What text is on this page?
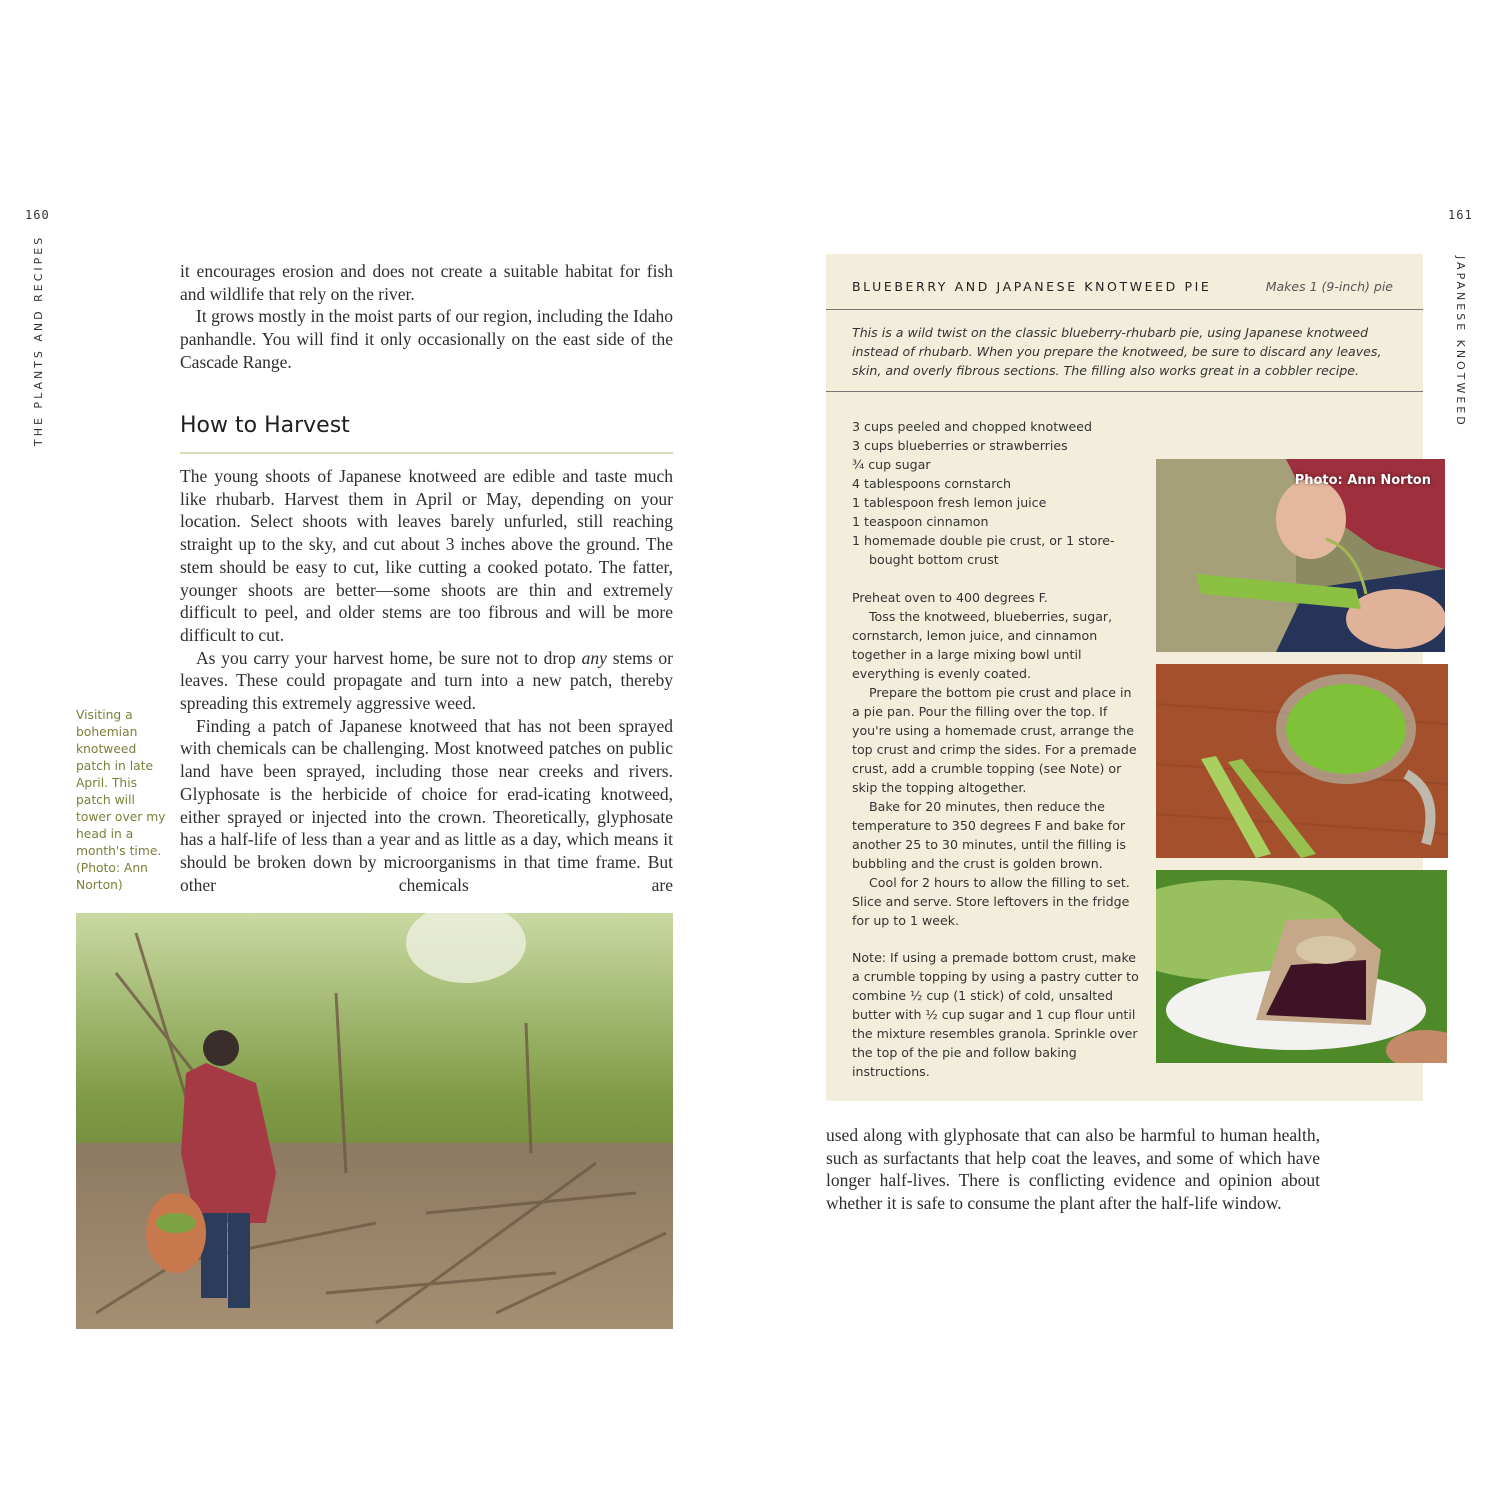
160
THE PLANTS AND RECIPES	it encourages erosion and does not create a suitable habitat for fish and wildlife that rely on the river.

It grows mostly in the moist parts of our region, including the Idaho panhandle. You will find it only occasionally on the east side of the Cascade Range.

How to Harvest

The young shoots of Japanese knotweed are edible and taste much like rhubarb. Harvest them in April or May, depending on your location. Select shoots with leaves barely unfurled, still reaching straight up to the sky, and cut about 3 inches above the ground. The stem should be easy to cut, like cutting a cooked potato. The fatter, younger shoots are better—some shoots are thin and extremely difficult to peel, and older stems are too fibrous and will be more difficult to cut.

As you carry your harvest home, be sure not to drop any stems or leaves. These could propagate and turn into a new patch, thereby spreading this extremely aggressive weed.

Finding a patch of Japanese knotweed that has not been sprayed with chemicals can be challenging. Most knotweed patches on public land have been sprayed, including those near creeks and rivers. Glyphosate is the herbicide of choice for erad-icating knotweed, either sprayed or injected into the crown. Theoretically, glyphosate has a half-life of less than a year and as little as a day, which means it should be broken down by microorganisms in that time frame. But other chemicals are

Visiting a bohemian knotweed patch in late April. This patch will tower over my head in a month's time. (Photo: Ann Norton)
161
JAPANESE KNOTWEED
BLUEBERRY AND JAPANESE KNOTWEED PIE	Makes 1 (9-inch) pie
This is a wild twist on the classic blueberry-rhubarb pie, using Japanese knotweed instead of rhubarb. When you prepare the knotweed, be sure to discard any leaves, skin, and overly fibrous sections. The filling also works great in a cobbler recipe.

3 cups peeled and chopped knotweed

3 cups blueberries or strawberries

¾ cup sugar

4 tablespoons cornstarch

1 tablespoon fresh lemon juice

1 teaspoon cinnamon

1 homemade double pie crust, or 1 store-bought bottom crust

Preheat oven to 400 degrees F.

Toss the knotweed, blueberries, sugar, cornstarch, lemon juice, and cinnamon together in a large mixing bowl until everything is evenly coated.

Prepare the bottom pie crust and place in a pie pan. Pour the filling over the top. If you're using a homemade crust, arrange the top crust and crimp the sides. For a premade crust, add a crumble topping (see Note) or skip the topping altogether.

Bake for 20 minutes, then reduce the temperature to 350 degrees F and bake for another 25 to 30 minutes, until the filling is bubbling and the crust is golden brown.

Cool for 2 hours to allow the filling to set. Slice and serve. Store leftovers in the fridge for up to 1 week.

Note: If using a premade bottom crust, make a crumble topping by using a pastry cutter to combine ½ cup (1 stick) of cold, unsalted butter with ½ cup sugar and 1 cup flour until the mixture resembles granola. Sprinkle over the top of the pie and follow baking instructions.
Photo: Ann Norton

used along with glyphosate that can also be harmful to human health, such as surfactants that help coat the leaves, and some of which have longer half-lives. There is conflicting evidence and opinion about whether it is safe to consume the plant after the half-life window.
